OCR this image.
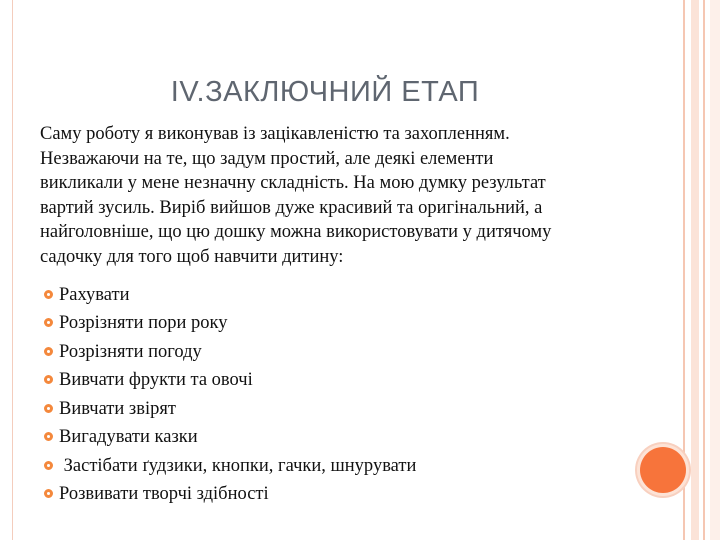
IV.ЗАКЛЮЧНИЙ ЕТАП
Саму роботу я виконував із зацікавленістю та захопленням.
Незважаючи на те, що задум простий, але деякі елементи
викликали у мене незначну складність. На мою думку результат
вартий зусиль. Виріб вийшов дуже красивий та оригінальний, а
найголовніше, що цю дошку можна використовувати у дитячому
садочку для того щоб навчити дитину:
Рахувати
Розрізняти пори року
Розрізняти погоду
Вивчати фрукти та овочі
Вивчати звірят
Вигадувати казки
Застібати ґудзики, кнопки, гачки, шнурувати
Розвивати творчі здібності
